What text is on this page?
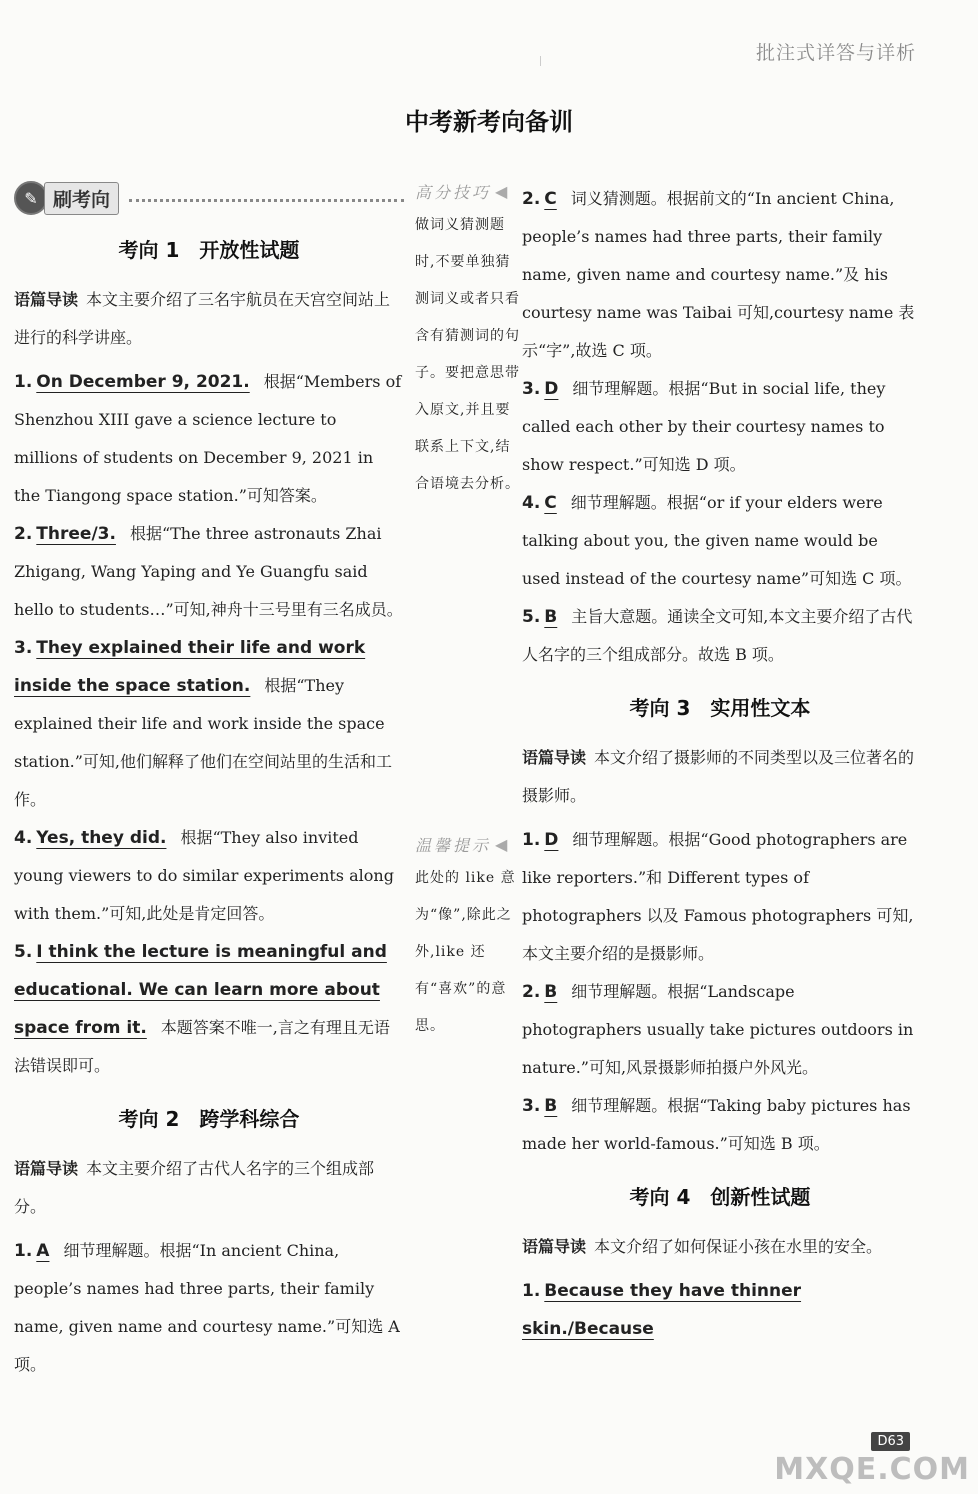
批注式详答与详析
中考新考向备训
✎ 刷考向
考向 1　开放性试题
语篇导读 本文主要介绍了三名宇航员在天宫空间站上进行的科学讲座。
1. On December 9, 2021. 根据“Members of Shenzhou XIII gave a science lecture to millions of students on December 9, 2021 in the Tiangong space station.”可知答案。
2. Three/3. 根据“The three astronauts Zhai Zhigang, Wang Yaping and Ye Guangfu said hello to students…”可知,神舟十三号里有三名成员。
3. They explained their life and work inside the space station. 根据“They explained their life and work inside the space station.”可知,他们解释了他们在空间站里的生活和工作。
4. Yes, they did. 根据“They also invited young viewers to do similar experiments along with them.”可知,此处是肯定回答。
5. I think the lecture is meaningful and educational. We can learn more about space from it. 本题答案不唯一,言之有理且无语法错误即可。
考向 2　跨学科综合
语篇导读 本文主要介绍了古代人名字的三个组成部分。
1. A 细节理解题。根据“In ancient China, people’s names had three parts, their family name, given name and courtesy name.”可知选 A 项。
高分技巧 ◀
做词义猜测题时,不要单独猜测词义或者只看含有猜测词的句子。要把意思带入原文,并且要联系上下文,结合语境去分析。
温馨提示 ◀
此处的 like 意为“像”,除此之外,like 还有“喜欢”的意思。
2. C 词义猜测题。根据前文的“In ancient China, people’s names had three parts, their family name, given name and courtesy name.”及 his courtesy name was Taibai 可知,courtesy name 表示“字”,故选 C 项。
3. D 细节理解题。根据“But in social life, they called each other by their courtesy names to show respect.”可知选 D 项。
4. C 细节理解题。根据“or if your elders were talking about you, the given name would be used instead of the courtesy name”可知选 C 项。
5. B 主旨大意题。通读全文可知,本文主要介绍了古代人名字的三个组成部分。故选 B 项。
考向 3　实用性文本
语篇导读 本文介绍了摄影师的不同类型以及三位著名的摄影师。
1. D 细节理解题。根据“Good photographers are like reporters.”和 Different types of photographers 以及 Famous photographers 可知,本文主要介绍的是摄影师。
2. B 细节理解题。根据“Landscape photographers usually take pictures outdoors in nature.”可知,风景摄影师拍摄户外风光。
3. B 细节理解题。根据“Taking baby pictures has made her world-famous.”可知选 B 项。
考向 4　创新性试题
语篇导读 本文介绍了如何保证小孩在水里的安全。
1. Because they have thinner skin./Because
D63
MXQE.COM
